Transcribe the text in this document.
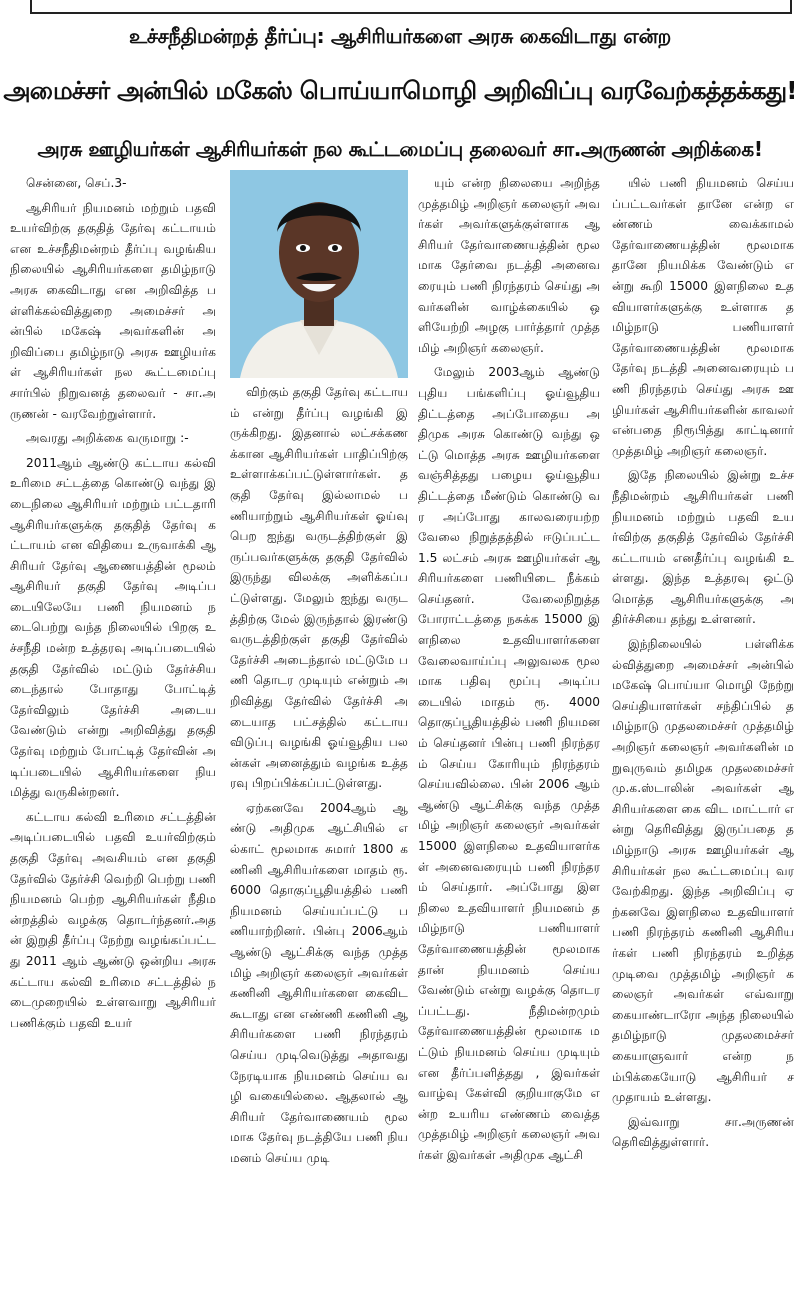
உச்சநீதிமன்றத் தீர்ப்பு: ஆசிரியர்களை அரசு கைவிடாது என்ற
அமைச்சர் அன்பில் மகேஸ் பொய்யாமொழி அறிவிப்பு வரவேற்கத்தக்கது!
அரசு ஊழியர்கள் ஆசிரியர்கள் நல கூட்டமைப்பு தலைவர் சா.அருணன் அறிக்கை!

சென்னை, செப்.3-

ஆசிரியர் நியமனம் மற்றும் பதவி உயர்விற்கு தகுதித் தேர்வு கட்டாயம் என உச்சநீதிமன்றம் தீர்ப்பு வழங்கிய நிலையில் ஆசிரியர்களை தமிழ்நாடு அரசு கைவிடாது என அறிவித்த பள்ளிக்கல்வித்துறை அமைச்சர் அன்பில் மகேஷ் அவர்களின் அறிவிப்பை தமிழ்நாடு அரசு ஊழியர்கள் ஆசிரியர்கள் நல கூட்டமைப்பு சார்பில் நிறுவனத் தலைவர் - சா.அருணன் - வரவேற்றுள்ளார்.

அவரது அறிக்கை வருமாறு :-

2011ஆம் ஆண்டு கட்டாய கல்வி உரிமை சட்டத்தை கொண்டு வந்து இடைநிலை ஆசிரியர் மற்றும் பட்டதாரி ஆசிரியர்களுக்கு தகுதித் தேர்வு கட்டாயம் என விதியை உருவாக்கி ஆசிரியர் தேர்வு ஆணையத்தின் மூலம் ஆசிரியர் தகுதி தேர்வு அடிப்படையிலேயே பணி நியமனம் நடைபெற்று வந்த நிலையில் பிறகு உச்சநீதி மன்ற உத்தரவு அடிப்படையில் தகுதி தேர்வில் மட்டும் தேர்ச்சியடைந்தால் போதாது போட்டித் தேர்விலும் தேர்ச்சி அடைய வேண்டும் என்று அறிவித்து தகுதி தேர்வு மற்றும் போட்டித் தேர்வின் அடிப்படையில் ஆசிரியர்களை நியமித்து வருகின்றனர்.

கட்டாய கல்வி உரிமை சட்டத்தின் அடிப்படையில் பதவி உயர்விற்கும் தகுதி தேர்வு அவசியம் என தகுதி தேர்வில் தேர்ச்சி வெற்றி பெற்று பணி நியமனம் பெற்ற ஆசிரியர்கள் நீதிமன்றத்தில் வழக்கு தொடர்ந்தனர்.அதன் இறுதி தீர்ப்பு நேற்று வழங்கப்பட்டது 2011 ஆம் ஆண்டு ஒன்றிய அரசு கட்டாய கல்வி உரிமை சட்டத்தில் நடைமுறையில் உள்ளவாறு ஆசிரியர் பணிக்கும் பதவி உயர்

விற்கும் தகுதி தேர்வு கட்டாயம் என்று தீர்ப்பு வழங்கி இருக்கிறது. இதனால் லட்சக்கணக்கான ஆசிரியர்கள் பாதிப்பிற்கு உள்ளாக்கப்பட்டுள்ளார்கள். தகுதி தேர்வு இல்லாமல் பணியாற்றும் ஆசிரியர்கள் ஓய்வு பெற ஐந்து வருடத்திற்குள் இருப்பவர்களுக்கு தகுதி தேர்வில் இருந்து விலக்கு அளிக்கப்பட்டுள்ளது. மேலும் ஐந்து வருடத்திற்கு மேல் இருந்தால் இரண்டு வருடத்திற்குள் தகுதி தேர்வில் தேர்ச்சி அடைந்தால் மட்டுமே பணி தொடர முடியும் என்றும் அறிவித்து தேர்வில் தேர்ச்சி அடையாத பட்சத்தில் கட்டாய விடுப்பு வழங்கி ஓய்வூதிய பலன்கள் அனைத்தும் வழங்க உத்தரவு பிறப்பிக்கப்பட்டுள்ளது.

ஏற்கனவே 2004ஆம் ஆண்டு அதிமுக ஆட்சியில் எல்காட் மூலமாக சுமார் 1800 கணினி ஆசிரியர்களை மாதம் ரூ. 6000 தொகுப்பூதியத்தில் பணி நியமனம் செய்யப்பட்டு பணியாற்றினர். பின்பு 2006ஆம் ஆண்டு ஆட்சிக்கு வந்த முத்தமிழ் அறிஞர் கலைஞர் அவர்கள் கணினி ஆசிரியர்களை கைவிடகூடாது என எண்ணி கணினி ஆசிரியர்களை பணி நிரந்தரம் செய்ய முடிவெடுத்து அதாவது நேரடியாக நியமனம் செய்ய வழி வகையில்லை. ஆதலால் ஆசிரியர் தேர்வாணையம் மூலமாக தேர்வு நடத்தியே பணி நியமனம் செய்ய முடி

யும் என்ற நிலையை அறிந்த முத்தமிழ் அறிஞர் கலைஞர் அவர்கள் அவர்களுக்குள்ளாக ஆசிரியர் தேர்வாணையத்தின் மூலமாக தேர்வை நடத்தி அனைவரையும் பணி நிரந்தரம் செய்து அவர்களின் வாழ்க்கையில் ஒளியேற்றி அழகு பார்த்தார் முத்தமிழ் அறிஞர் கலைஞர்.

மேலும் 2003ஆம் ஆண்டு புதிய பங்களிப்பு ஓய்வூதிய திட்டத்தை அப்போதைய அதிமுக அரசு கொண்டு வந்து ஒட்டு மொத்த அரசு ஊழியர்களை வஞ்சித்தது பழைய ஓய்வூதிய திட்டத்தை மீண்டும் கொண்டு வர அப்போது காலவரையற்ற வேலை நிறுத்தத்தில் ஈடுப்பட்ட 1.5 லட்சம் அரசு ஊழியர்கள் ஆசிரியர்களை பணியிடை நீக்கம் செய்தனர். வேலைநிறுத்த போராட்டத்தை நசுக்க 15000 இளநிலை உதவியாளர்களை வேலைவாய்ப்பு அலுவலக மூலமாக பதிவு மூப்பு அடிப்படையில் மாதம் ரூ. 4000 தொகுப்பூதியத்தில் பணி நியமனம் செய்தனர் பின்பு பணி நிரந்தரம் செய்ய கோரியும் நிரந்தரம் செய்யவில்லை. பின் 2006 ஆம் ஆண்டு ஆட்சிக்கு வந்த முத்தமிழ் அறிஞர் கலைஞர் அவர்கள் 15000 இளநிலை உதவியாளர்கள் அனைவரையும் பணி நிரந்தரம் செய்தார். அப்போது இளநிலை உதவியாளர் நியமனம் தமிழ்நாடு பணியாளர் தேர்வாணையத்தின் மூலமாக தான் நியமனம் செய்ய வேண்டும் என்று வழக்கு தொடரப்பட்டது. நீதிமன்றமும் தேர்வாணையத்தின் மூலமாக மட்டும் நியமனம் செய்ய முடியும் என தீர்ப்பளித்தது , இவர்கள் வாழ்வு கேள்வி குறியாகுமே என்ற உயரிய எண்ணம் வைத்த முத்தமிழ் அறிஞர் கலைஞர் அவர்கள் இவர்கள் அதிமுக ஆட்சி

யில் பணி நியமனம் செய்யப்பட்டவர்கள் தானே என்ற எண்ணம் வைக்காமல் தேர்வாணையத்தின் மூலமாக தானே நியமிக்க வேண்டும் என்று கூறி 15000 இளநிலை உதவியாளர்களுக்கு உள்ளாக தமிழ்நாடு பணியாளர் தேர்வாணையத்தின் மூலமாக தேர்வு நடத்தி அனைவரையும் பணி நிரந்தரம் செய்து அரசு ஊழியர்கள் ஆசிரியர்களின் காவலர் என்பதை நிரூபித்து காட்டினார் முத்தமிழ் அறிஞர் கலைஞர்.

இதே நிலையில் இன்று உச்ச நீதிமன்றம் ஆசிரியர்கள் பணி நியமனம் மற்றும் பதவி உயர்விற்கு தகுதித் தேர்வில் தேர்ச்சி கட்டாயம் எனதீர்ப்பு வழங்கி உள்ளது. இந்த உத்தரவு ஒட்டு மொத்த ஆசிரியர்களுக்கு அதிர்ச்சியை தந்து உள்ளனர்.

இந்நிலையில் பள்ளிக்கல்வித்துறை அமைச்சர் அன்பில் மகேஷ் பொய்யா மொழி நேற்று செய்தியாளர்கள் சந்திப்பில் தமிழ்நாடு முதலமைச்சர் முத்தமிழ் அறிஞர் கலைஞர் அவர்களின் மறுவுருவம் தமிழக முதலமைச்சர் மு.க.ஸ்டாலின் அவர்கள் ஆசிரியர்களை கை விட மாட்டார் என்று தெரிவித்து இருப்பதை தமிழ்நாடு அரசு ஊழியர்கள் ஆசிரியர்கள் நல கூட்டமைப்பு வரவேற்கிறது. இந்த அறிவிப்பு ஏற்கனவே இளநிலை உதவியாளர் பணி நிரந்தரம் கணினி ஆசிரியர்கள் பணி நிரந்தரம் உறித்த முடிவை முத்தமிழ் அறிஞர் கலைஞர் அவர்கள் எவ்வாறு கையாண்டாரோ அந்த நிலையில் தமிழ்நாடு முதலமைச்சர் கையாளுவார் என்ற நம்பிக்கையோடு ஆசிரியர் சமுதாயம் உள்ளது.

இவ்வாறு சா.அருணன் தெரிவித்துள்ளார்.
